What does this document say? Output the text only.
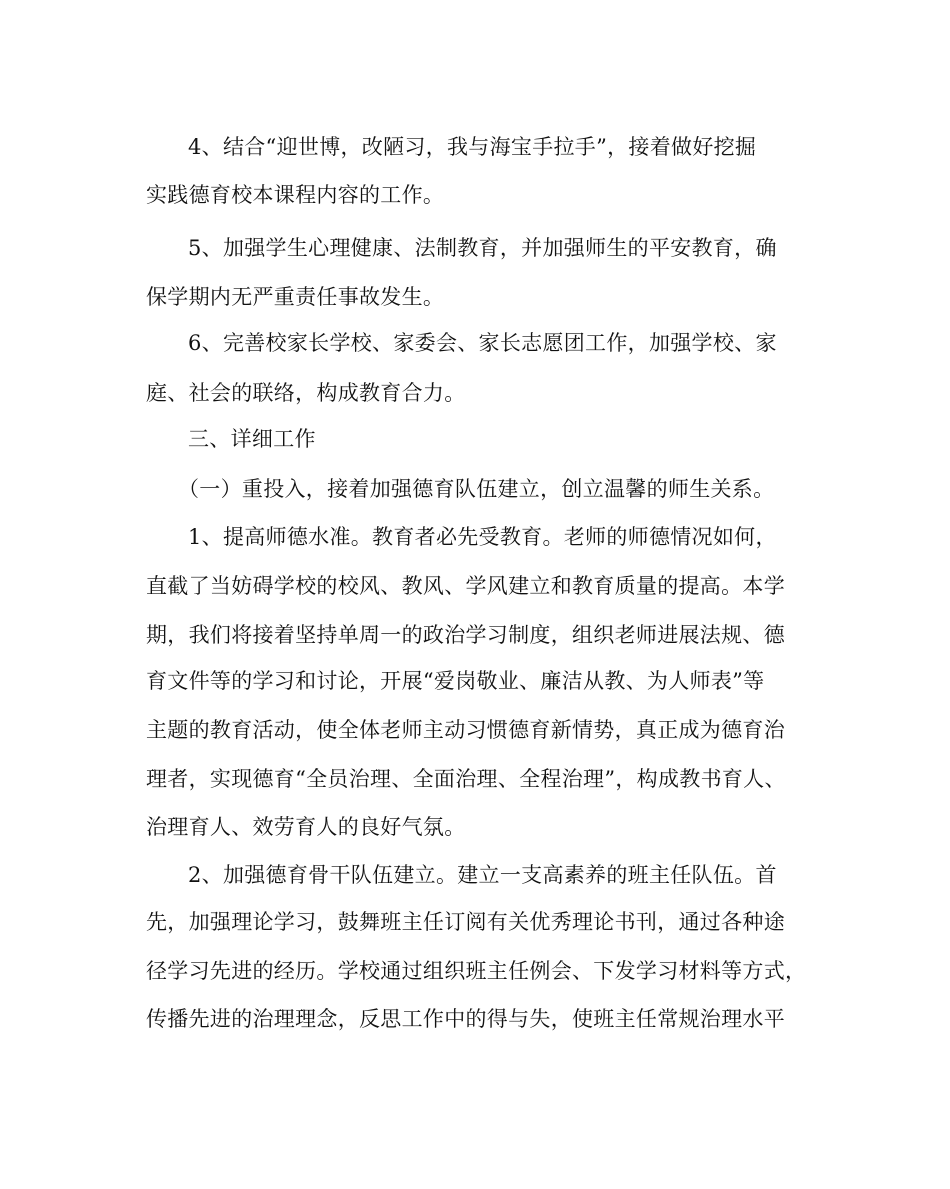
4、结合“迎世博，改陋习，我与海宝手拉手”，接着做好挖掘
实践德育校本课程内容的工作。
5、加强学生心理健康、法制教育，并加强师生的平安教育，确
保学期内无严重责任事故发生。
6、完善校家长学校、家委会、家长志愿团工作，加强学校、家
庭、社会的联络，构成教育合力。
三、详细工作
（一）重投入，接着加强德育队伍建立，创立温馨的师生关系。
1、提高师德水准。教育者必先受教育。老师的师德情况如何，
直截了当妨碍学校的校风、教风、学风建立和教育质量的提高。本学
期，我们将接着坚持单周一的政治学习制度，组织老师进展法规、德
育文件等的学习和讨论，开展“爱岗敬业、廉洁从教、为人师表”等
主题的教育活动，使全体老师主动习惯德育新情势，真正成为德育治
理者，实现德育“全员治理、全面治理、全程治理”，构成教书育人、
治理育人、效劳育人的良好气氛。
2、加强德育骨干队伍建立。建立一支高素养的班主任队伍。首
先，加强理论学习，鼓舞班主任订阅有关优秀理论书刊，通过各种途
径学习先进的经历。学校通过组织班主任例会、下发学习材料等方式，
传播先进的治理理念，反思工作中的得与失，使班主任常规治理水平
